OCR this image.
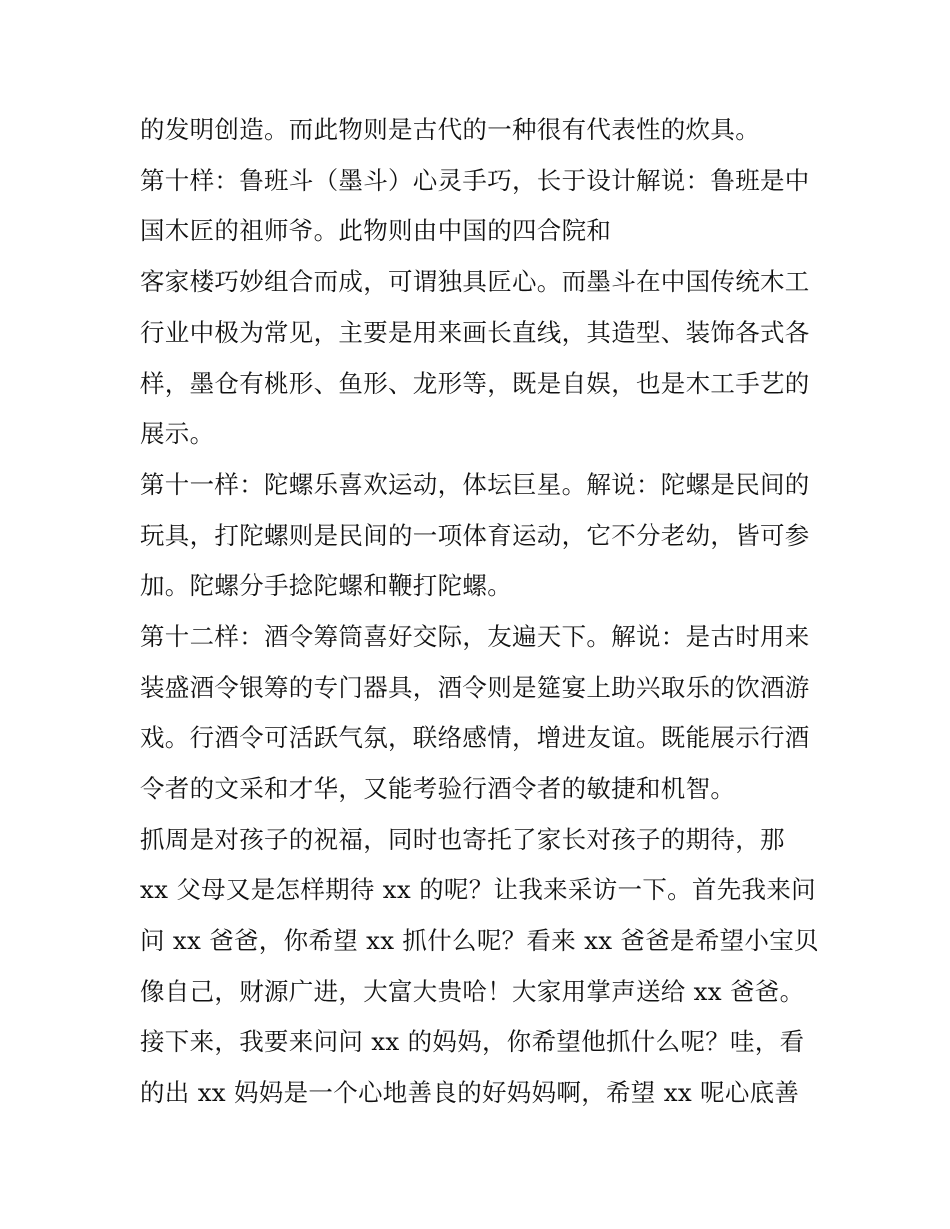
的发明创造。而此物则是古代的一种很有代表性的炊具。
第十样：鲁班斗（墨斗）心灵手巧，长于设计解说：鲁班是中
国木匠的祖师爷。此物则由中国的四合院和
客家楼巧妙组合而成，可谓独具匠心。而墨斗在中国传统木工
行业中极为常见，主要是用来画长直线，其造型、装饰各式各
样，墨仓有桃形、鱼形、龙形等，既是自娱，也是木工手艺的
展示。
第十一样：陀螺乐喜欢运动，体坛巨星。解说：陀螺是民间的
玩具，打陀螺则是民间的一项体育运动，它不分老幼，皆可参
加。陀螺分手捻陀螺和鞭打陀螺。
第十二样：酒令筹筒喜好交际，友遍天下。解说：是古时用来
装盛酒令银筹的专门器具，酒令则是筵宴上助兴取乐的饮酒游
戏。行酒令可活跃气氛，联络感情，增进友谊。既能展示行酒
令者的文采和才华，又能考验行酒令者的敏捷和机智。
抓周是对孩子的祝福，同时也寄托了家长对孩子的期待，那
xx 父母又是怎样期待 xx 的呢？让我来采访一下。首先我来问
问 xx 爸爸，你希望 xx 抓什么呢？看来 xx 爸爸是希望小宝贝
像自己，财源广进，大富大贵哈！大家用掌声送给 xx 爸爸。
接下来，我要来问问 xx 的妈妈，你希望他抓什么呢？哇，看
的出 xx 妈妈是一个心地善良的好妈妈啊，希望 xx 呢心底善
